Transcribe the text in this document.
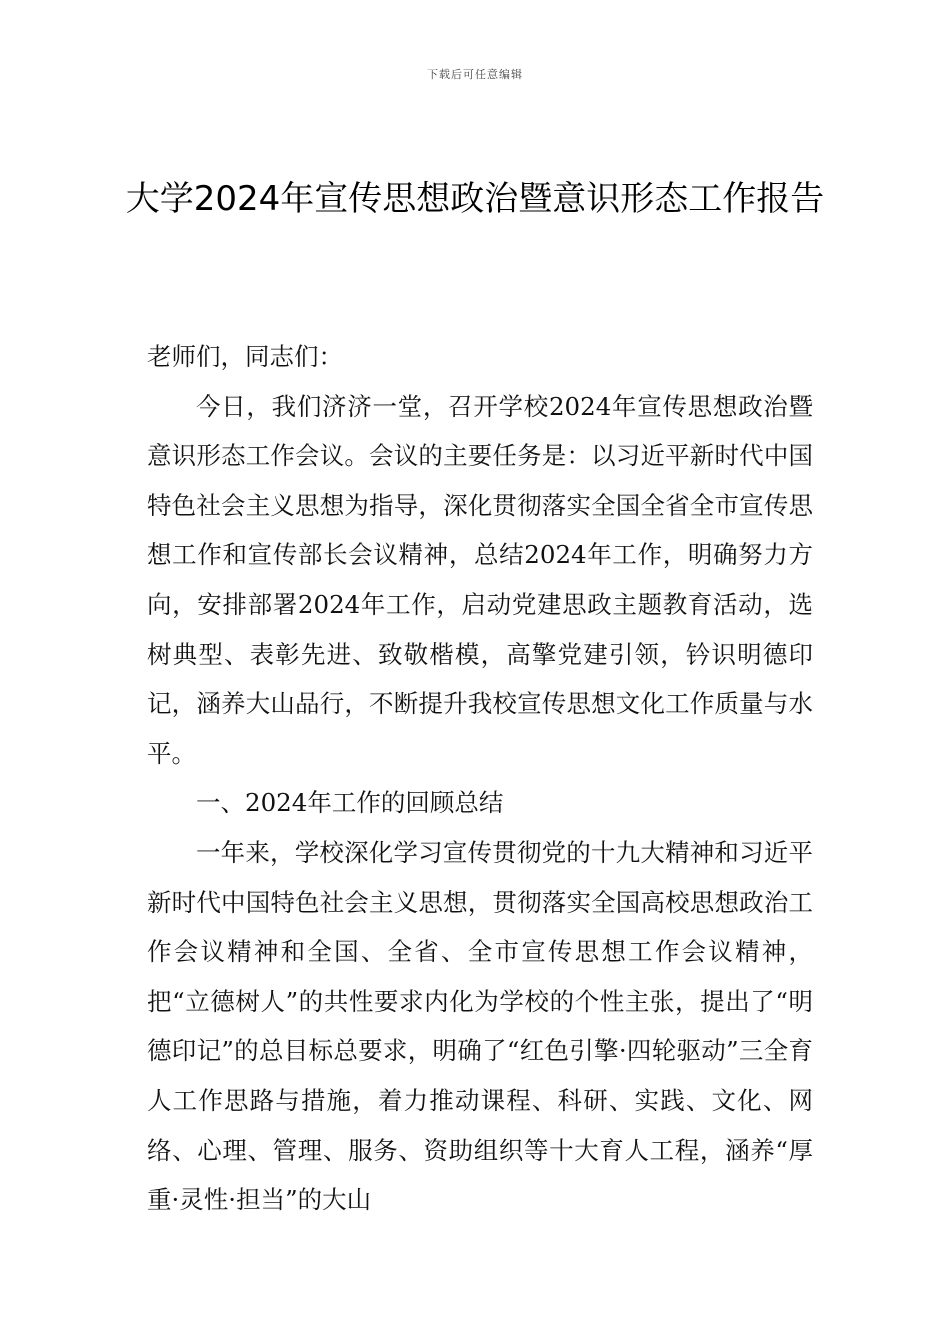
下载后可任意编辑
大学2024年宣传思想政治暨意识形态工作报告

老师们，同志们：

今日，我们济济一堂，召开学校2024年宣传思想政治暨意识形态工作会议。会议的主要任务是：以习近平新时代中国特色社会主义思想为指导，深化贯彻落实全国全省全市宣传思想工作和宣传部长会议精神，总结2024年工作，明确努力方向，安排部署2024年工作，启动党建思政主题教育活动，选树典型、表彰先进、致敬楷模，高擎党建引领，钤识明德印记，涵养大山品行，不断提升我校宣传思想文化工作质量与水平。

一、2024年工作的回顾总结

一年来，学校深化学习宣传贯彻党的十九大精神和习近平新时代中国特色社会主义思想，贯彻落实全国高校思想政治工作会议精神和全国、全省、全市宣传思想工作会议精神，把“立德树人”的共性要求内化为学校的个性主张，提出了“明德印记”的总目标总要求，明确了“红色引擎·四轮驱动”三全育人工作思路与措施，着力推动课程、科研、实践、文化、网络、心理、管理、服务、资助组织等十大育人工程，涵养“厚重·灵性·担当”的大山
